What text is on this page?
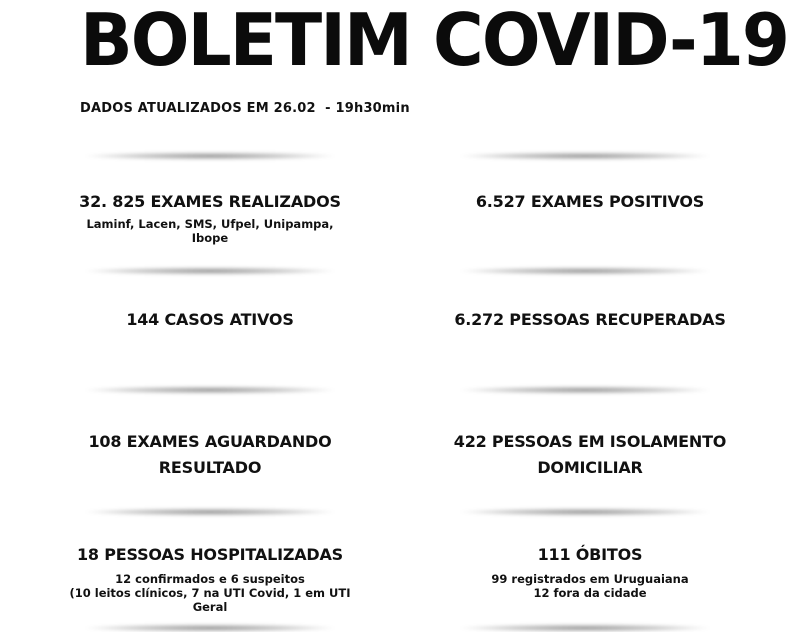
BOLETIM COVID-19
DADOS ATUALIZADOS EM 26.02  - 19h30min
32. 825 EXAMES REALIZADOS
Laminf, Lacen, SMS, Ufpel, Unipampa,
Ibope
6.527 EXAMES POSITIVOS
144 CASOS ATIVOS	6.272 PESSOAS RECUPERADAS
108 EXAMES AGUARDANDO
RESULTADO
422 PESSOAS EM ISOLAMENTO
DOMICILIAR
18 PESSOAS HOSPITALIZADAS
12 confirmados e 6 suspeitos
(10 leitos clínicos, 7 na UTI Covid, 1 em UTI Geral
111 ÓBITOS
99 registrados em Uruguaiana
12 fora da cidade
